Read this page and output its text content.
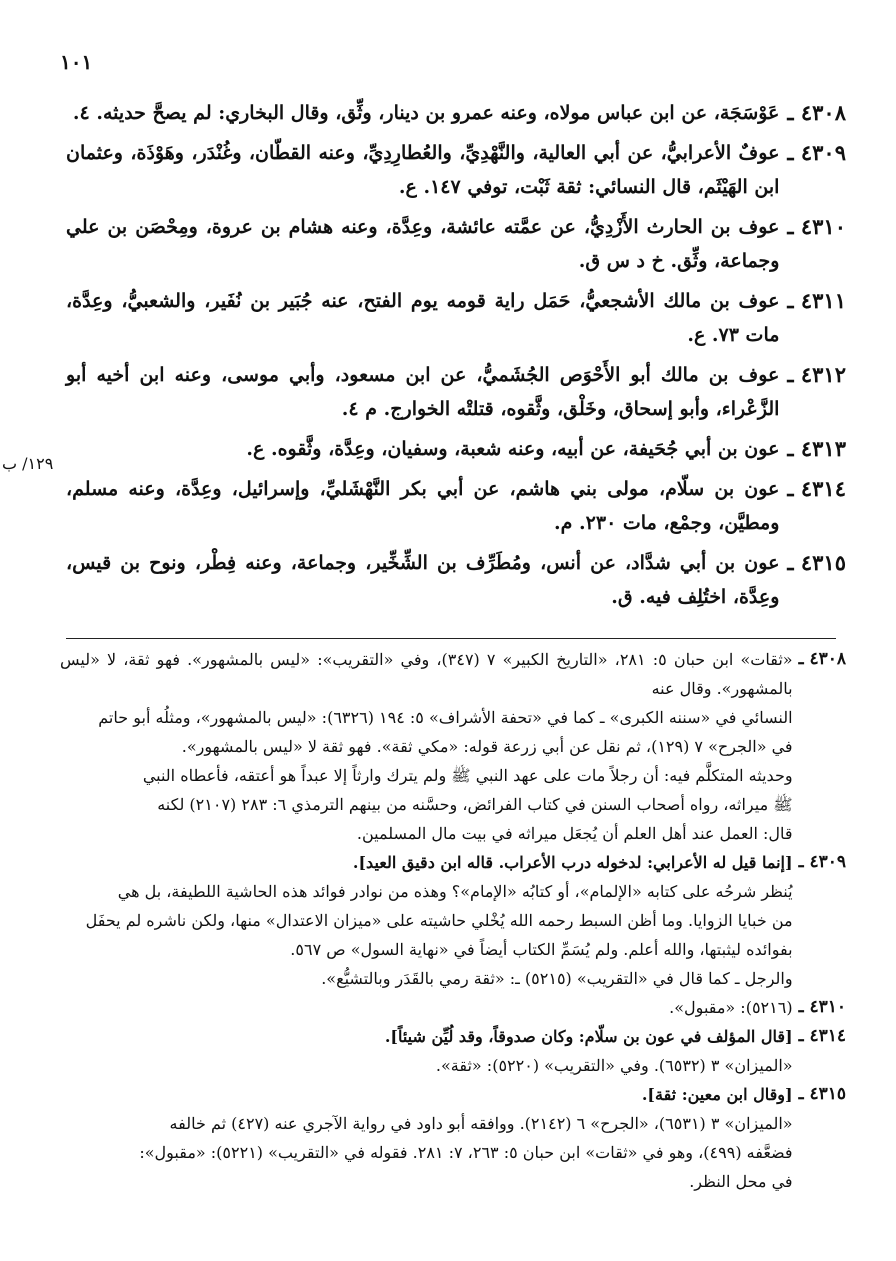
١٠١
١٢٩/ ب
٤٣٠٨ ـ
عَوْسَجَة، عن ابن عباس مولاه، وعنه عمرو بن دينار، وثِّق، وقال البخاري: لم يصحَّ حديثه. ٤.
٤٣٠٩ ـ
عوفٌ الأعرابيُّ، عن أبي العالية، والنَّهْدِيِّ، والعُطارِدِيِّ، وعنه القطّان، وغُنْدَر، وهَوْذَة، وعثمان ابن الهَيْثَم، قال النسائي: ثقة ثَبْت، توفي ١٤٧. ع.
٤٣١٠ ـ
عوف بن الحارث الأَزْدِيُّ، عن عمَّته عائشة، وعِدَّة، وعنه هشام بن عروة، ومِحْصَن بن علي وجماعة، وثِّق. خ د س ق.
٤٣١١ ـ
عوف بن مالك الأشجعيُّ، حَمَل راية قومه يوم الفتح، عنه جُبَير بن نُفَير، والشعبيُّ، وعِدَّة، مات ٧٣. ع.
٤٣١٢ ـ
عوف بن مالك أبو الأَحْوَص الجُشَميُّ، عن ابن مسعود، وأبي موسى، وعنه ابن أخيه أبو الزَّعْراء، وأبو إسحاق، وخَلْق، وثَّقوه، قتلتْه الخوارج. م ٤.
٤٣١٣ ـ
عون بن أبي جُحَيفة، عن أبيه، وعنه شعبة، وسفيان، وعِدَّة، وثَّقوه. ع.
٤٣١٤ ـ
عون بن سلّام، مولى بني هاشم، عن أبي بكر النَّهْشَليِّ، وإسرائيل، وعِدَّة، وعنه مسلم، ومطيَّن، وجمْع، مات ٢٣٠. م.
٤٣١٥ ـ
عون بن أبي شدَّاد، عن أنس، ومُطَرِّف بن الشِّخِّير، وجماعة، وعنه فِطْر، ونوح بن قيس، وعِدَّة، اختُلِف فيه. ق.
٤٣٠٨ ـ
«ثقات» ابن حبان ٥: ٢٨١، «التاريخ الكبير» ٧ (٣٤٧)، وفي «التقريب»: «ليس بالمشهور». فهو ثقة، لا «ليس بالمشهور». وقال عنه
النسائي في «سننه الكبرى» ـ كما في «تحفة الأشراف» ٥: ١٩٤ (٦٣٢٦): «ليس بالمشهور»، ومثلُه أبو حاتم
في «الجرح» ٧ (١٢٩)، ثم نقل عن أبي زرعة قوله: «مكي ثقة». فهو ثقة لا «ليس بالمشهور».
وحديثه المتكلَّم فيه: أن رجلاً مات على عهد النبي ﷺ ولم يترك وارثاً إلا عبداً هو أعتقه، فأعطاه النبي
ﷺ ميراثه، رواه أصحاب السنن في كتاب الفرائض، وحسَّنه من بينهم الترمذي ٦: ٢٨٣ (٢١٠٧) لكنه
قال: العمل عند أهل العلم أن يُجعَل ميراثه في بيت مال المسلمين.
٤٣٠٩ ـ
[إنما قيل له الأعرابي: لدخوله درب الأعراب. قاله ابن دقيق العيد].
يُنظر شرحُه على كتابه «الإلمام»، أو كتابُه «الإمام»؟ وهذه من نوادر فوائد هذه الحاشية اللطيفة، بل هي
من خبايا الزوايا. وما أظن السبط رحمه الله يُخْلي حاشيته على «ميزان الاعتدال» منها، ولكن ناشره لم يحفَل
بفوائده ليثبتها، والله أعلم. ولم يُسَمِّ الكتاب أيضاً في «نهاية السول» ص ٥٦٧.
والرجل ـ كما قال في «التقريب» (٥٢١٥) ـ: «ثقة رمي بالقَدَر وبالتشيُّع».
٤٣١٠ ـ
(٥٢١٦): «مقبول».
٤٣١٤ ـ
[قال المؤلف في عون بن سلّام: وكان صدوقاً، وقد لُيِّن شيئاً].
«الميزان» ٣ (٦٥٣٢). وفي «التقريب» (٥٢٢٠): «ثقة».
٤٣١٥ ـ
[وقال ابن معين: ثقة].
«الميزان» ٣ (٦٥٣١)، «الجرح» ٦ (٢١٤٢). ووافقه أبو داود في رواية الآجري عنه (٤٢٧) ثم خالفه
فضعَّفه (٤٩٩)، وهو في «ثقات» ابن حبان ٥: ٢٦٣، ٧: ٢٨١. فقوله في «التقريب» (٥٢٢١): «مقبول»:
في محل النظر.
